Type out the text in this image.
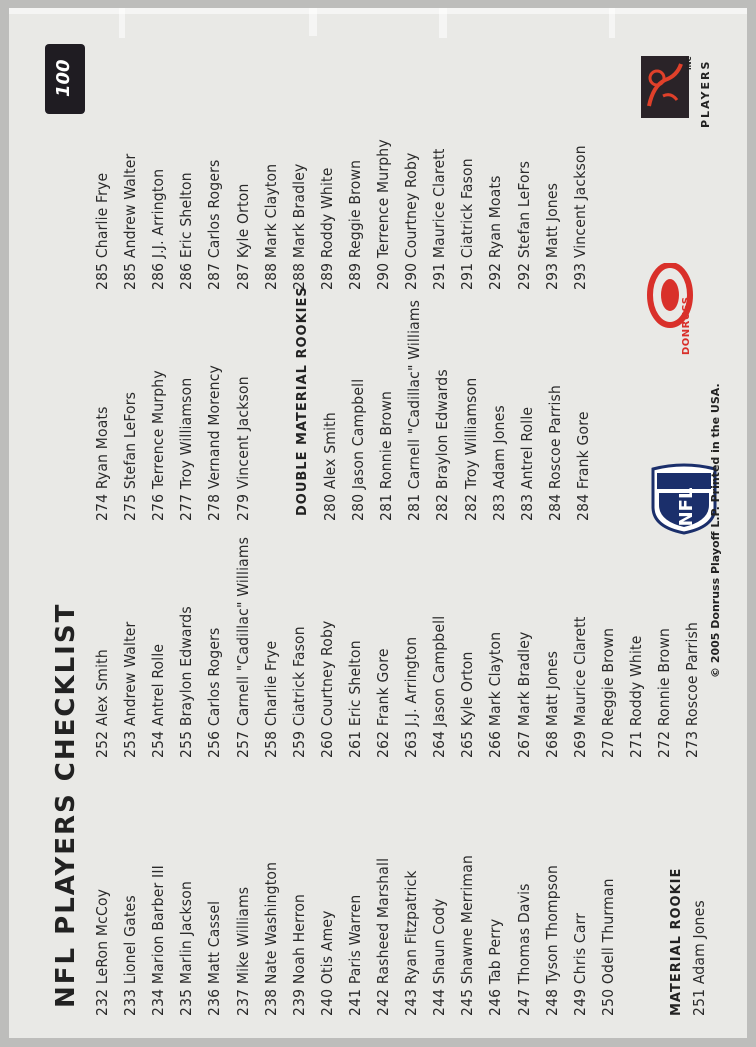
100
NFL PLAYERS CHECKLIST 232 LeRon McCoy 233 Lionel Gates 234 Marion Barber III 235 Marlin Jackson 236 Matt Cassel 237 Mike Williams 238 Nate Washington 239 Noah Herron 240 Otis Amey 241 Paris Warren 242 Rasheed Marshall 243 Ryan Fitzpatrick 244 Shaun Cody 245 Shawne Merriman 246 Tab Perry 247 Thomas Davis 248 Tyson Thompson 249 Chris Carr 250 Odell Thurman	MATERIAL ROOKIE 251 Adam Jones
252 Alex Smith 253 Andrew Walter 254 Antrel Rolle 255 Braylon Edwards 256 Carlos Rogers 257 Carnell "Cadillac" Williams 258 Charlie Frye 259 Ciatrick Fason 260 Courtney Roby 261 Eric Shelton 262 Frank Gore 263 J.J. Arrington 264 Jason Campbell 265 Kyle Orton 266 Mark Clayton 267 Mark Bradley 268 Matt Jones 269 Maurice Clarett 270 Reggie Brown 271 Roddy White 272 Ronnie Brown 273 Roscoe Parrish
274 Ryan Moats 275 Stefan LeFors 276 Terrence Murphy 277 Troy Williamson 278 Vernand Morency 279 Vincent Jackson	DOUBLE MATERIAL ROOKIES 280 Alex Smith 280 Jason Campbell 281 Ronnie Brown 281 Carnell "Cadillac" Williams 282 Braylon Edwards 282 Troy Williamson 283 Adam Jones 283 Antrel Rolle 284 Roscoe Parrish 284 Frank Gore
285 Charlie Frye 285 Andrew Walter 286 J.J. Arrington 286 Eric Shelton 287 Carlos Rogers 287 Kyle Orton 288 Mark Clayton 288 Mark Bradley 289 Roddy White 289 Reggie Brown 290 Terrence Murphy 290 Courtney Roby 291 Maurice Clarett 291 Ciatrick Fason 292 Ryan Moats 292 Stefan LeFors 293 Matt Jones 293 Vincent Jackson
NFL
DONRUSS
© 2005 Donruss Playoff L.P. Printed in the USA.
PLAYERS
INC
